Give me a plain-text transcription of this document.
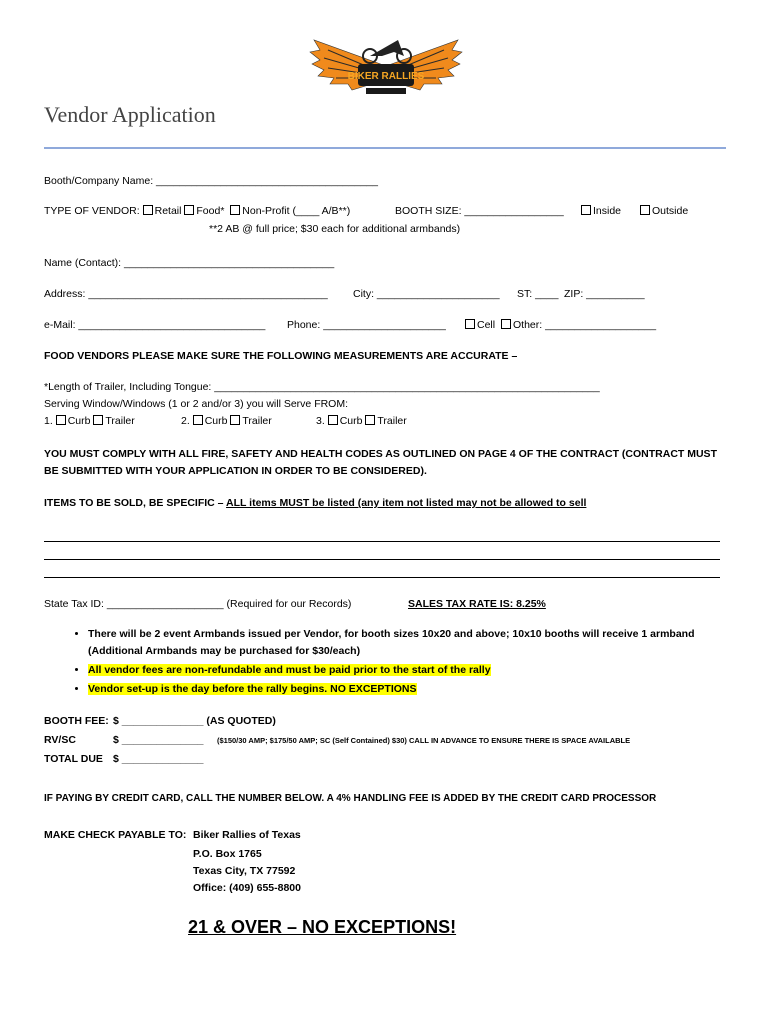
BIKER RALLIES
Vendor Application
Booth/Company Name: ______________________________________
TYPE OF VENDOR: Retail Food* Non-Profit (____ A/B**)	BOOTH SIZE: _________________	Inside	Outside
**2 AB @ full price; $30 each for additional armbands)
Name (Contact): ____________________________________
Address: _________________________________________ City: _____________________ ST: ____ ZIP: __________
e-Mail: ________________________________ Phone: _____________________	Cell	Other: ___________________
FOOD VENDORS PLEASE MAKE SURE THE FOLLOWING MEASUREMENTS ARE ACCURATE –
*Length of Trailer, Including Tongue: __________________________________________________________________
Serving Window/Windows (1 or 2 and/or 3) you will Serve FROM:
1. Curb Trailer	2. Curb Trailer	3. Curb Trailer
YOU MUST COMPLY WITH ALL FIRE, SAFETY AND HEALTH CODES AS OUTLINED ON PAGE 4 OF THE CONTRACT (CONTRACT MUST
BE SUBMITTED WITH YOUR APPLICATION IN ORDER TO BE CONSIDERED).
ITEMS TO BE SOLD, BE SPECIFIC – ALL items MUST be listed (any item not listed may not be allowed to sell
State Tax ID: ____________________ (Required for our Records)	SALES TAX RATE IS: 8.25%
• There will be 2 event Armbands issued per Vendor, for booth sizes 10x20 and above; 10x10 booths will receive 1 armband (Additional Armbands may be purchased for $30/each)
• All vendor fees are non-refundable and must be paid prior to the start of the rally
• Vendor set-up is the day before the rally begins. NO EXCEPTIONS
BOOTH FEE: $ ______________ (AS QUOTED)
RV/SC	$ ______________ ($150/30 AMP; $175/50 AMP; SC (Self Contained) $30) CALL IN ADVANCE TO ENSURE THERE IS SPACE AVAILABLE
TOTAL DUE $ ______________
IF PAYING BY CREDIT CARD, CALL THE NUMBER BELOW. A 4% HANDLING FEE IS ADDED BY THE CREDIT CARD PROCESSOR
MAKE CHECK PAYABLE TO: Biker Rallies of Texas
P.O. Box 1765
Texas City, TX 77592
Office: (409) 655-8800
21 & OVER – NO EXCEPTIONS!
